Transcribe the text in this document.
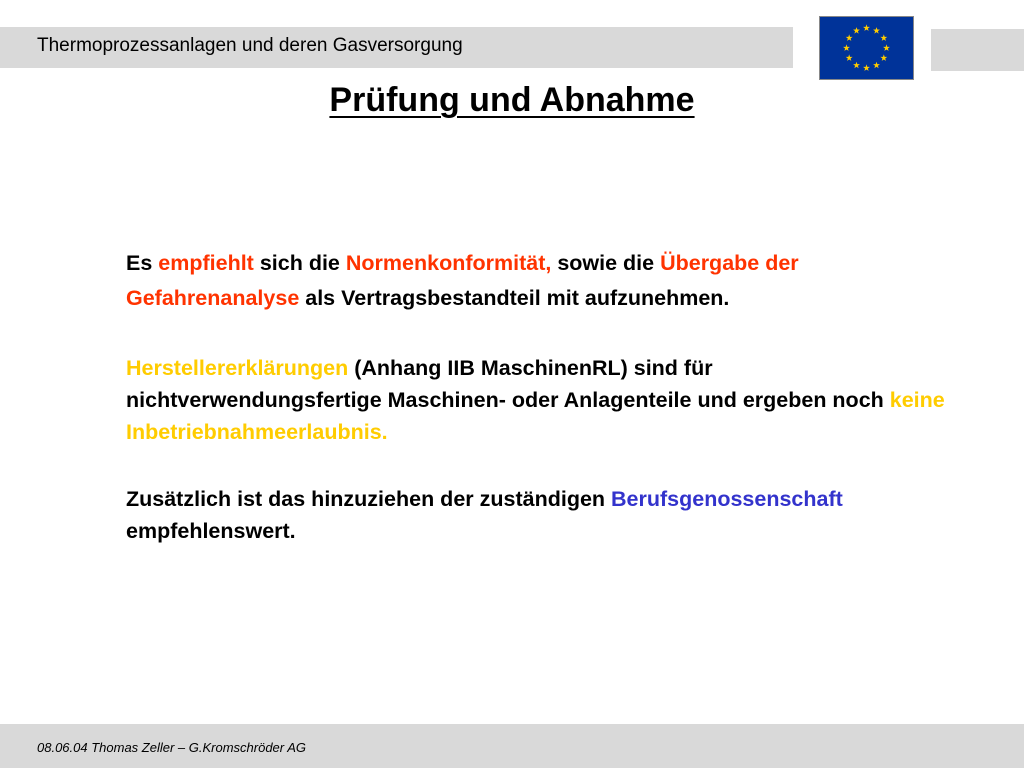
Thermoprozessanlagen und deren Gasversorgung
Prüfung und Abnahme

Es empfiehlt sich die Normenkonformität, sowie die Übergabe der Gefahrenanalyse als Vertragsbestandteil mit aufzunehmen.

Herstellererklärungen (Anhang IIB MaschinenRL) sind für nichtverwendungsfertige Maschinen- oder Anlagenteile und ergeben noch keine Inbetriebnahmeerlaubnis.

Zusätzlich ist das hinzuziehen der zuständigen Berufsgenossenschaft empfehlenswert.

08.06.04 Thomas Zeller – G.Kromschröder AG
